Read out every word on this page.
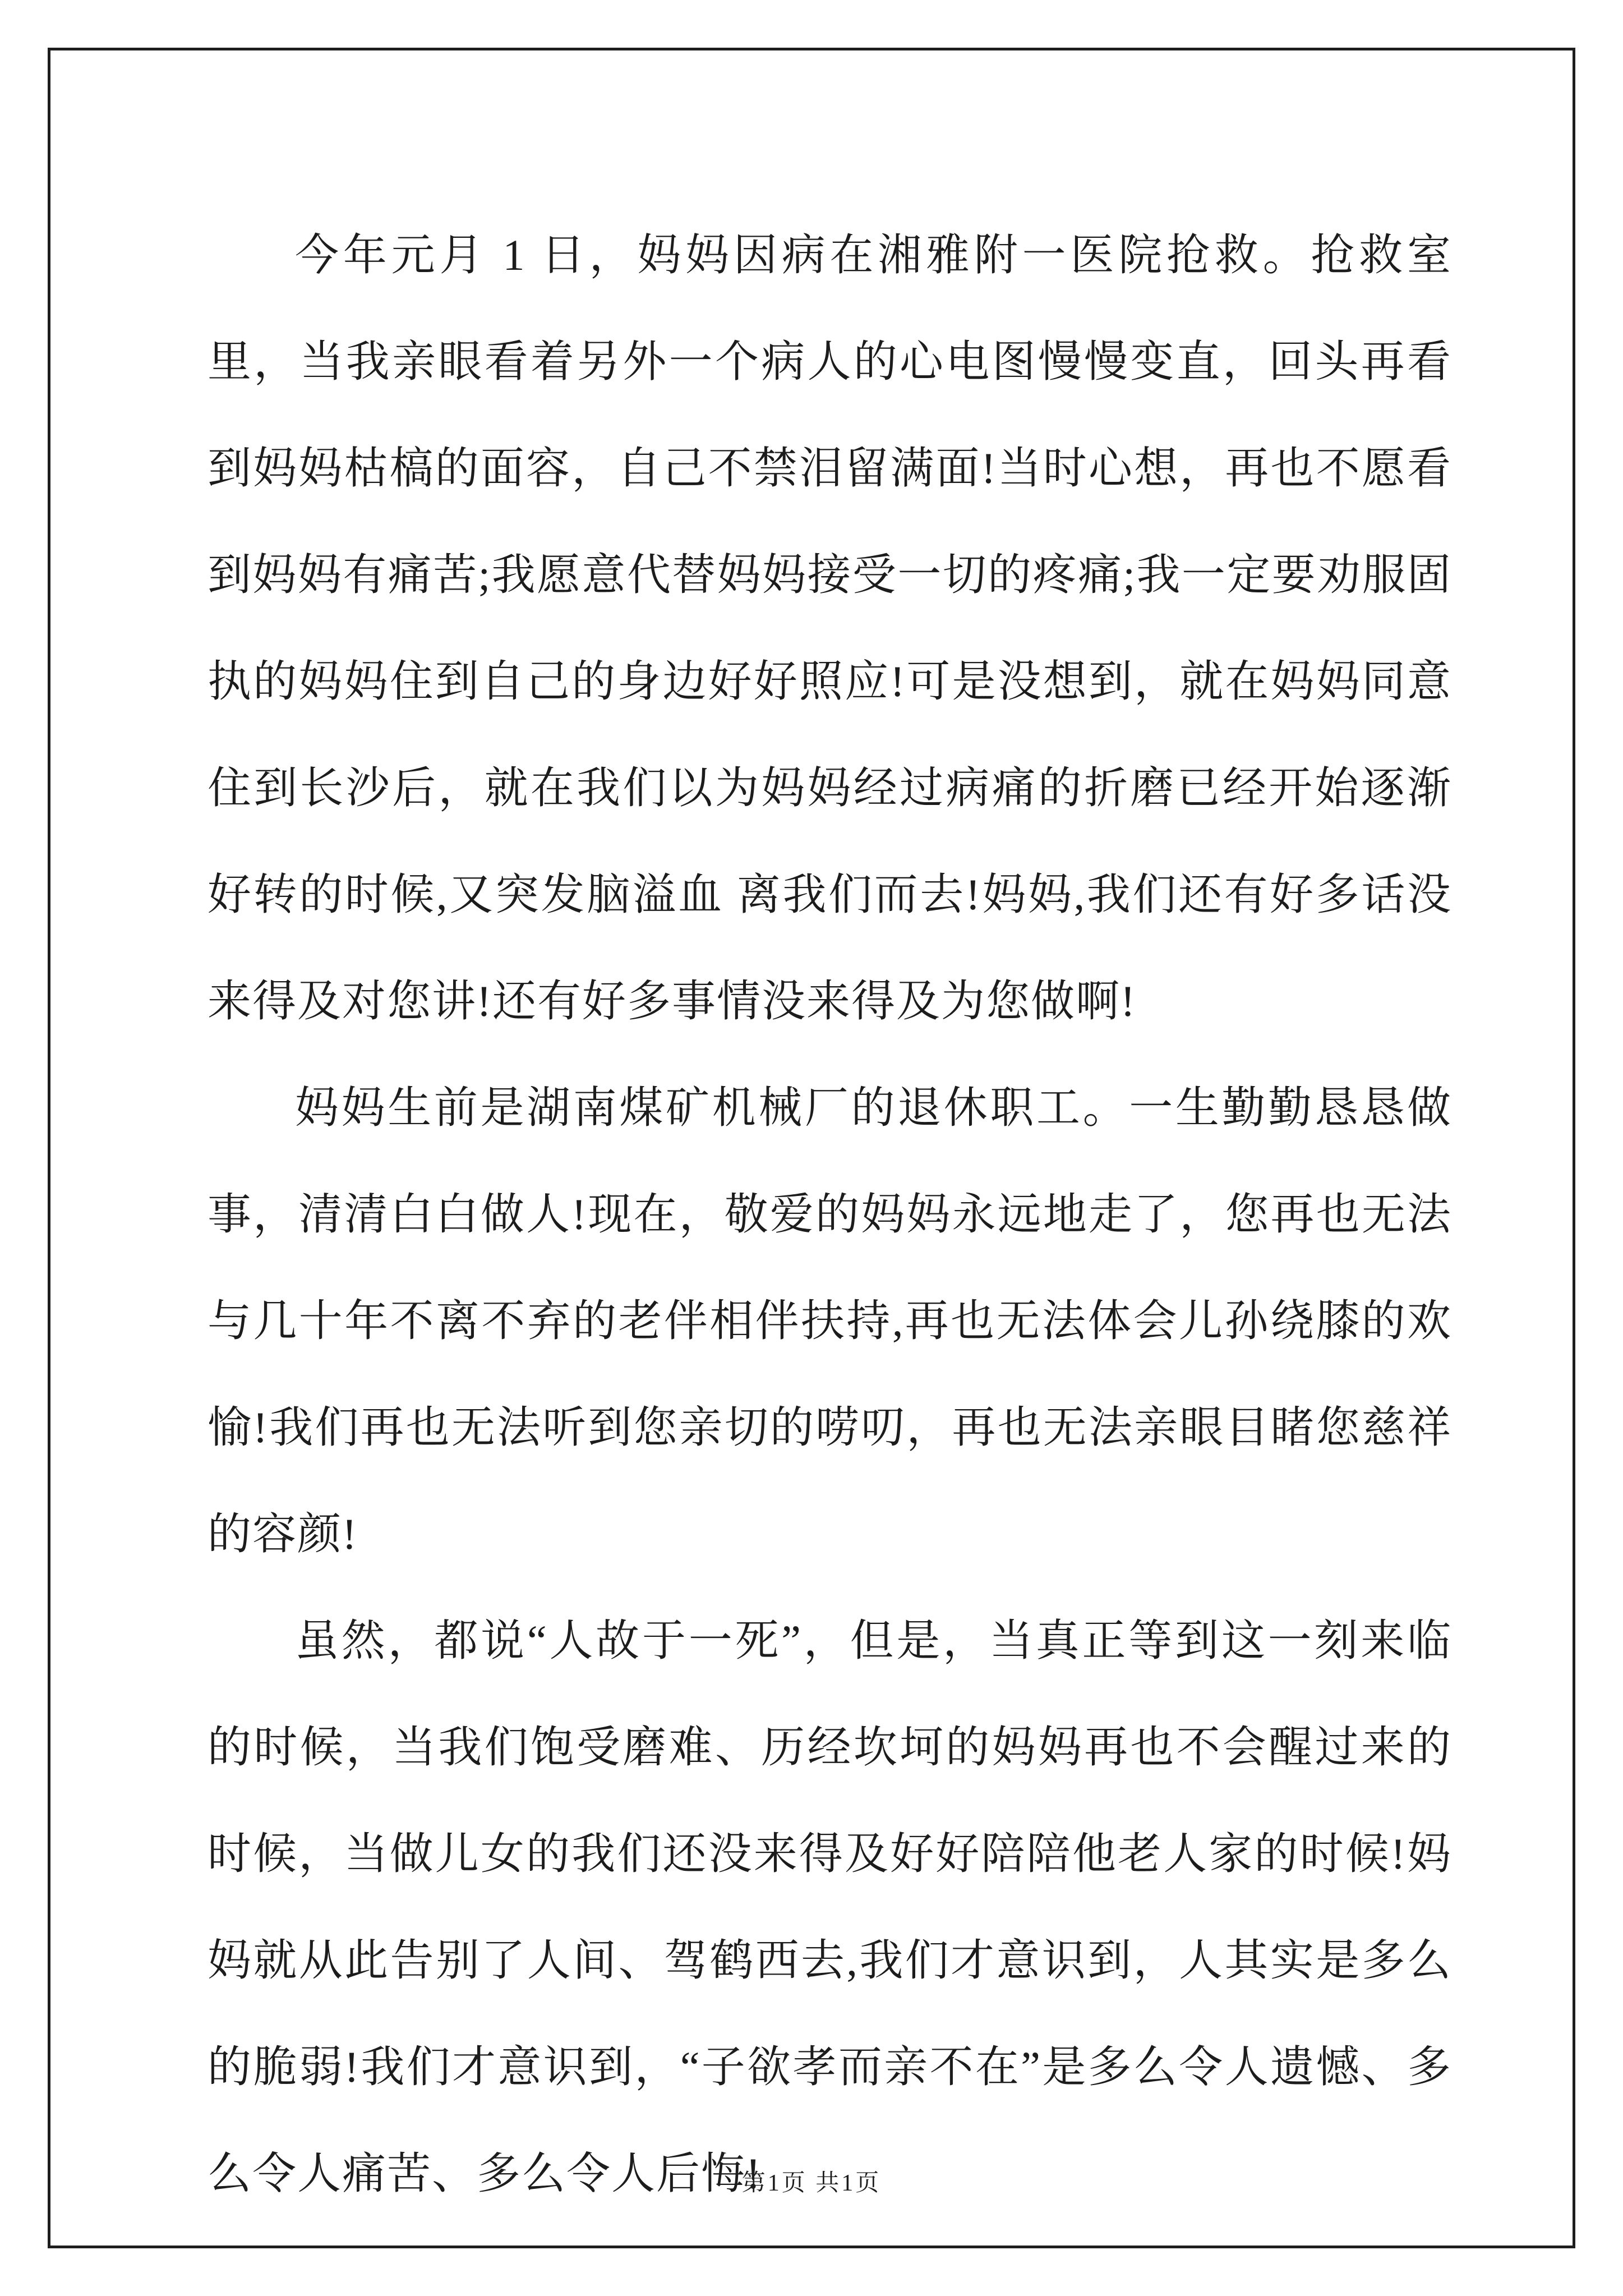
今年元月 1 日，妈妈因病在湘雅附一医院抢救。抢救室里，当我亲眼看着另外一个病人的心电图慢慢变直，回头再看到妈妈枯槁的面容，自己不禁泪留满面!当时心想，再也不愿看到妈妈有痛苦;我愿意代替妈妈接受一切的疼痛;我一定要劝服固执的妈妈住到自己的身边好好照应!可是没想到，就在妈妈同意住到长沙后，就在我们以为妈妈经过病痛的折磨已经开始逐渐好转的时候,又突发脑溢血 离我们而去!妈妈,我们还有好多话没来得及对您讲!还有好多事情没来得及为您做啊!

妈妈生前是湖南煤矿机械厂的退休职工。一生勤勤恳恳做事，清清白白做人!现在，敬爱的妈妈永远地走了，您再也无法与几十年不离不弃的老伴相伴扶持,再也无法体会儿孙绕膝的欢愉!我们再也无法听到您亲切的唠叨，再也无法亲眼目睹您慈祥的容颜!

虽然，都说“人故于一死”，但是，当真正等到这一刻来临的时候，当我们饱受磨难、历经坎坷的妈妈再也不会醒过来的时候，当做儿女的我们还没来得及好好陪陪他老人家的时候!妈妈就从此告别了人间、驾鹤西去,我们才意识到，人其实是多么的脆弱!我们才意识到，“子欲孝而亲不在”是多么令人遗憾、多么令人痛苦、多么令人后悔!

第1页 共1页
